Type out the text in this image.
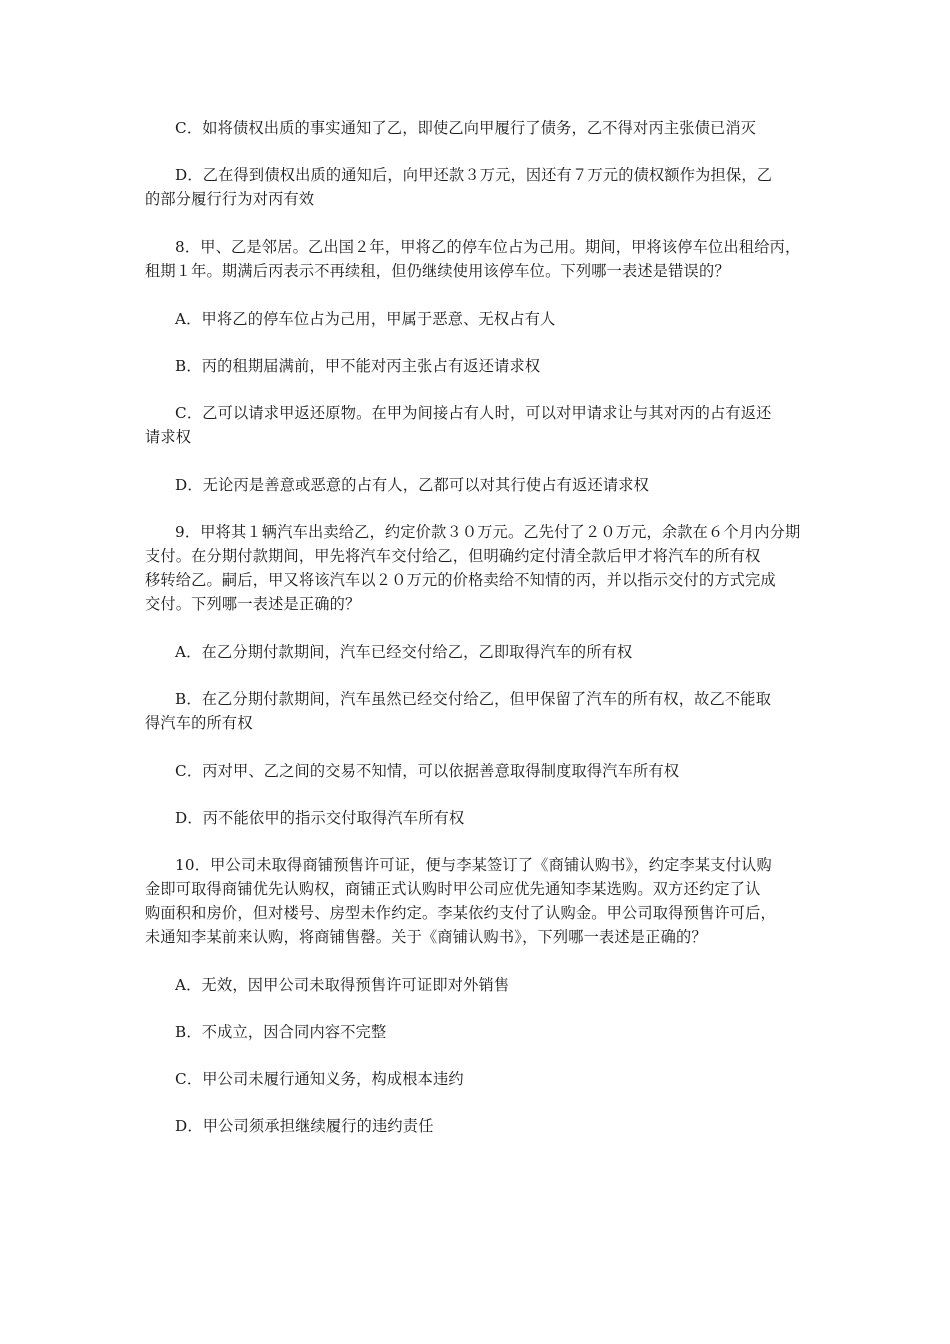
C．如将债权出质的事实通知了乙，即使乙向甲履行了债务，乙不得对丙主张债已消灭

D．乙在得到债权出质的通知后，向甲还款３万元，因还有７万元的债权额作为担保，乙
的部分履行行为对丙有效

8．甲、乙是邻居。乙出国２年，甲将乙的停车位占为己用。期间，甲将该停车位出租给丙，
租期１年。期满后丙表示不再续租，但仍继续使用该停车位。下列哪一表述是错误的？

A．甲将乙的停车位占为己用，甲属于恶意、无权占有人

B．丙的租期届满前，甲不能对丙主张占有返还请求权

C．乙可以请求甲返还原物。在甲为间接占有人时，可以对甲请求让与其对丙的占有返还
请求权

D．无论丙是善意或恶意的占有人，乙都可以对其行使占有返还请求权

9．甲将其１辆汽车出卖给乙，约定价款３０万元。乙先付了２０万元，余款在６个月内分期
支付。在分期付款期间，甲先将汽车交付给乙，但明确约定付清全款后甲才将汽车的所有权
移转给乙。嗣后，甲又将该汽车以２０万元的价格卖给不知情的丙，并以指示交付的方式完成
交付。下列哪一表述是正确的？

A．在乙分期付款期间，汽车已经交付给乙，乙即取得汽车的所有权

B．在乙分期付款期间，汽车虽然已经交付给乙，但甲保留了汽车的所有权，故乙不能取
得汽车的所有权

C．丙对甲、乙之间的交易不知情，可以依据善意取得制度取得汽车所有权

D．丙不能依甲的指示交付取得汽车所有权

10．甲公司未取得商铺预售许可证，便与李某签订了《商铺认购书》，约定李某支付认购
金即可取得商铺优先认购权，商铺正式认购时甲公司应优先通知李某选购。双方还约定了认
购面积和房价，但对楼号、房型未作约定。李某依约支付了认购金。甲公司取得预售许可后，
未通知李某前来认购，将商铺售罄。关于《商铺认购书》，下列哪一表述是正确的？

A．无效，因甲公司未取得预售许可证即对外销售

B．不成立，因合同内容不完整

C．甲公司未履行通知义务，构成根本违约

D．甲公司须承担继续履行的违约责任
